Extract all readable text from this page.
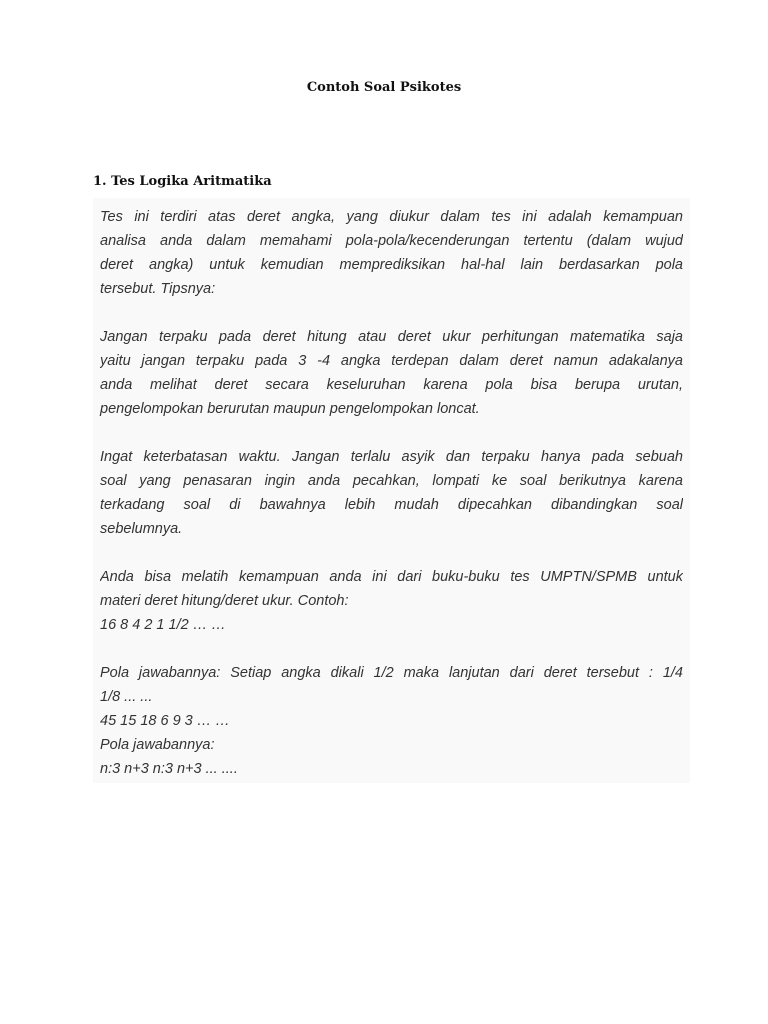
Contoh Soal Psikotes
1. Tes Logika Aritmatika
Tes ini terdiri atas deret angka, yang diukur dalam tes ini adalah kemampuan
analisa anda dalam memahami pola-pola/kecenderungan tertentu (dalam wujud
deret angka) untuk kemudian memprediksikan hal-hal lain berdasarkan pola
tersebut. Tipsnya:
Jangan terpaku pada deret hitung atau deret ukur perhitungan matematika saja
yaitu jangan terpaku pada 3 -4 angka terdepan dalam deret namun adakalanya
anda melihat deret secara keseluruhan karena pola bisa berupa urutan,
pengelompokan berurutan maupun pengelompokan loncat.
Ingat keterbatasan waktu. Jangan terlalu asyik dan terpaku hanya pada sebuah
soal yang penasaran ingin anda pecahkan, lompati ke soal berikutnya karena
terkadang soal di bawahnya lebih mudah dipecahkan dibandingkan soal
sebelumnya.
Anda bisa melatih kemampuan anda ini dari buku-buku tes UMPTN/SPMB untuk
materi deret hitung/deret ukur. Contoh:
16 8 4 2 1 1/2 … …
Pola jawabannya: Setiap angka dikali 1/2 maka lanjutan dari deret tersebut : 1/4
1/8 ... ...
45 15 18 6 9 3 … …
Pola jawabannya:
n:3 n+3 n:3 n+3 ... ....
